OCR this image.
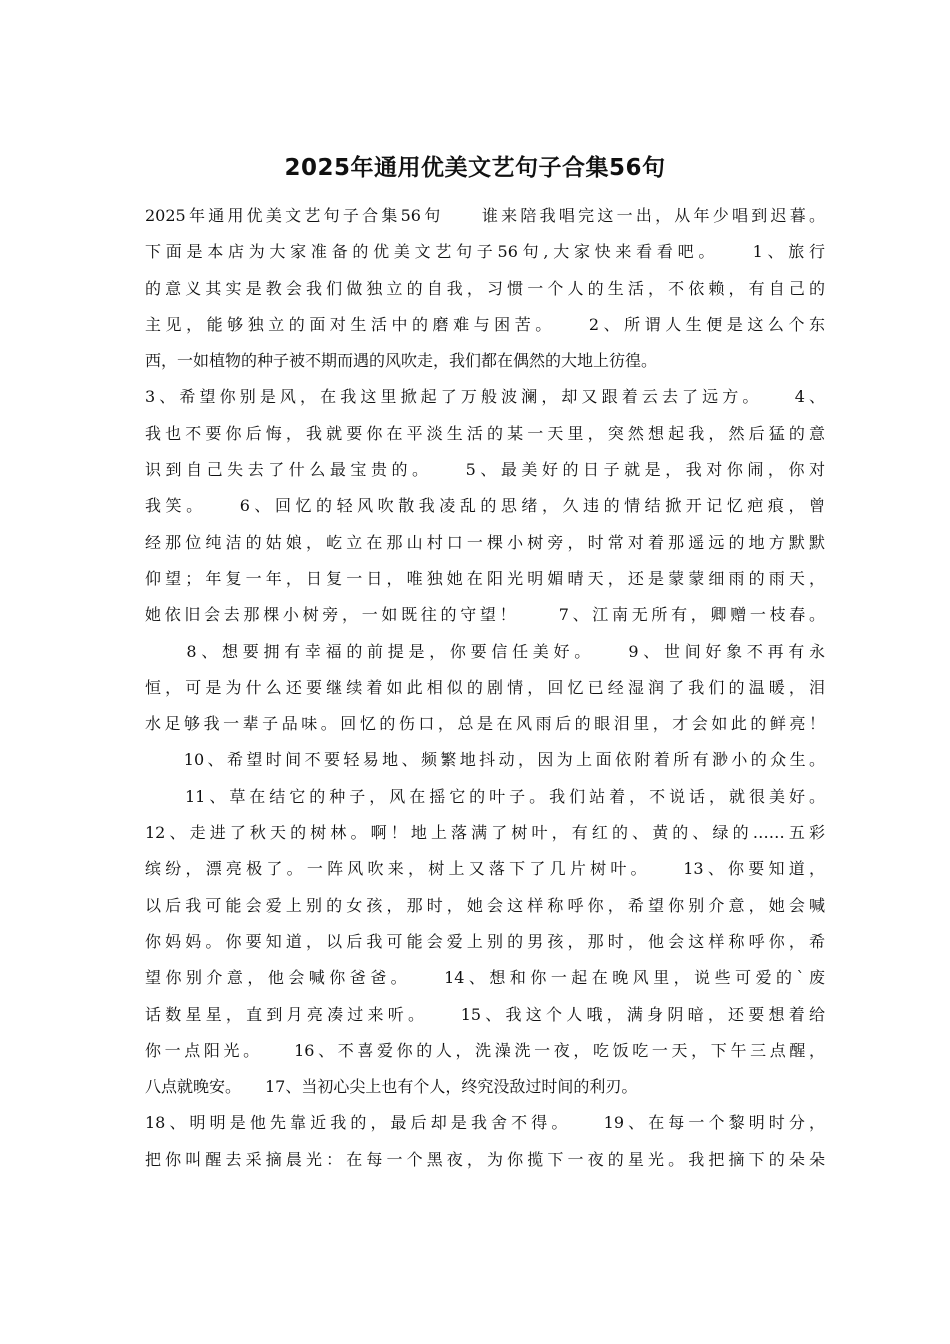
2025年通用优美文艺句子合集56句
2025年通用优美文艺句子合集56句　　谁来陪我唱完这一出，从年少唱到迟暮。
下面是本店为大家准备的优美文艺句子56句,大家快来看看吧。　　1、旅行
的意义其实是教会我们做独立的自我，习惯一个人的生活，不依赖，有自己的
主见，能够独立的面对生活中的磨难与困苦。　　2、所谓人生便是这么个东
西，一如植物的种子被不期而遇的风吹走，我们都在偶然的大地上彷徨。
3、希望你别是风，在我这里掀起了万般波澜，却又跟着云去了远方。　　4、
我也不要你后悔，我就要你在平淡生活的某一天里，突然想起我，然后猛的意
识到自己失去了什么最宝贵的。　　5、最美好的日子就是，我对你闹，你对
我笑。　　6、回忆的轻风吹散我凌乱的思绪，久违的情结掀开记忆疤痕，曾
经那位纯洁的姑娘，屹立在那山村口一棵小树旁，时常对着那遥远的地方默默
仰望；年复一年，日复一日，唯独她在阳光明媚晴天，还是蒙蒙细雨的雨天，
她依旧会去那棵小树旁，一如既往的守望！　　7、江南无所有，卿赠一枝春。
　　8、想要拥有幸福的前提是，你要信任美好。　　9、世间好象不再有永
恒，可是为什么还要继续着如此相似的剧情，回忆已经湿润了我们的温暖，泪
水足够我一辈子品味。回忆的伤口，总是在风雨后的眼泪里，才会如此的鲜亮！
　　10、希望时间不要轻易地、频繁地抖动，因为上面依附着所有渺小的众生。
　　11、草在结它的种子，风在摇它的叶子。我们站着，不说话，就很美好。
12、走进了秋天的树林。啊！地上落满了树叶，有红的、黄的、绿的……五彩
缤纷，漂亮极了。一阵风吹来，树上又落下了几片树叶。　　13、你要知道，
以后我可能会爱上别的女孩，那时，她会这样称呼你，希望你别介意，她会喊
你妈妈。你要知道，以后我可能会爱上别的男孩，那时，他会这样称呼你，希
望你别介意，他会喊你爸爸。　　14、想和你一起在晚风里，说些可爱的`废
话数星星，直到月亮凑过来听。　　15、我这个人哦，满身阴暗，还要想着给
你一点阳光。　　16、不喜爱你的人，洗澡洗一夜，吃饭吃一天，下午三点醒，
八点就晚安。　　17、当初心尖上也有个人，终究没敌过时间的利刃。
18、明明是他先靠近我的，最后却是我舍不得。　　19、在每一个黎明时分，
把你叫醒去采摘晨光：在每一个黑夜，为你揽下一夜的星光。我把摘下的朵朵
